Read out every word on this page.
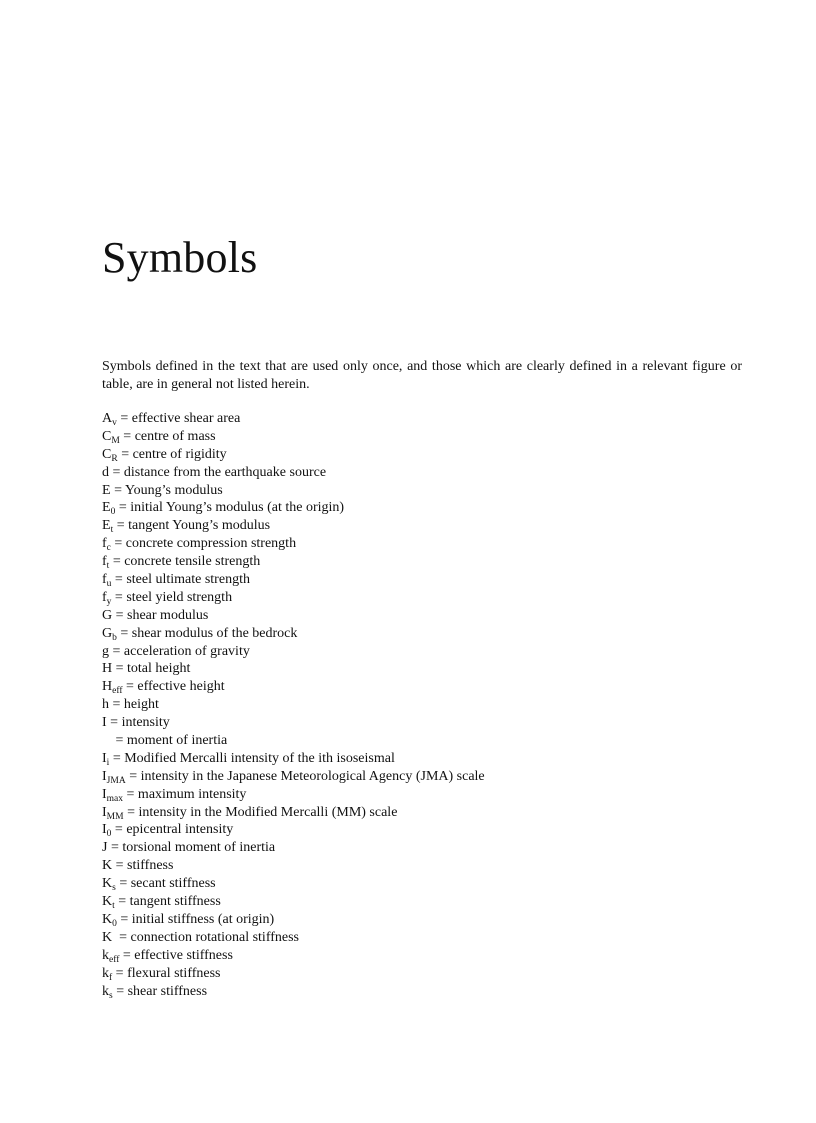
Symbols

Symbols defined in the text that are used only once, and those which are clearly defined in a relevant figure or table, are in general not listed herein.

$A_v$ = effective shear area
$C_M$ = centre of mass
$C_R$ = centre of rigidity
d = distance from the earthquake source
E = Young’s modulus
$E_0$ = initial Young’s modulus (at the origin)
$E_t$ = tangent Young’s modulus
$f_c$ = concrete compression strength
$f_t$ = concrete tensile strength
$f_u$ = steel ultimate strength
$f_y$ = steel yield strength
G = shear modulus
$G_b$ = shear modulus of the bedrock
g = acceleration of gravity
H = total height
$H_{eff}$ = effective height
h = height
I = intensity
= moment of inertia
$I_i$ = Modified Mercalli intensity of the ith isoseismal
$I_{JMA}$ = intensity in the Japanese Meteorological Agency (JMA) scale
$I_{max}$ = maximum intensity
$I_{MM}$ = intensity in the Modified Mercalli (MM) scale
$I_0$ = epicentral intensity
J = torsional moment of inertia
K = stiffness
$K_s$ = secant stiffness
$K_t$ = tangent stiffness
$K_0$ = initial stiffness (at origin)
K  = connection rotational stiffness
$k_{eff}$ = effective stiffness
$k_f$ = flexural stiffness
$k_s$ = shear stiffness
